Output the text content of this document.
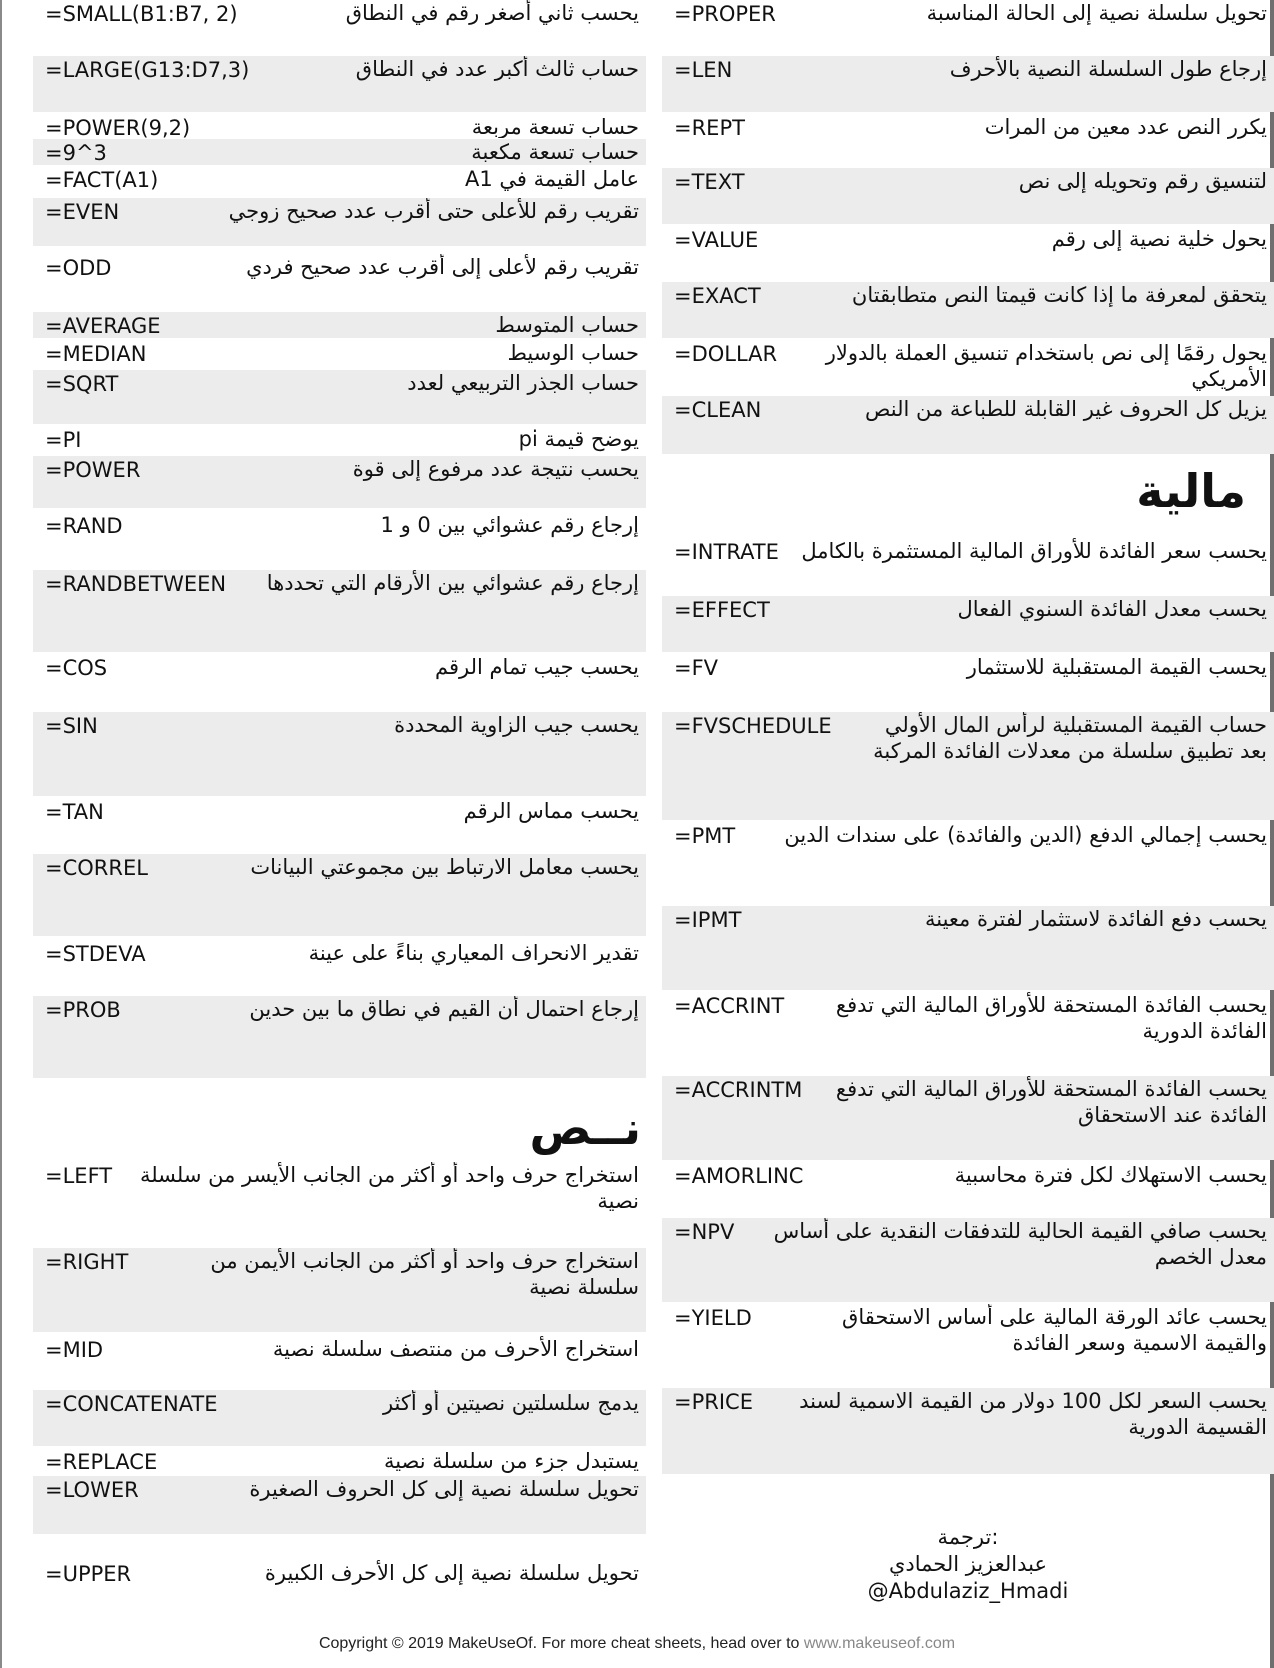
=SMALL(B1:B7, 2)	يحسب ثاني أصغر رقم في النطاق
=LARGE(G13:D7,3)	حساب ثالث أكبر عدد في النطاق
=POWER(9,2)	حساب تسعة مربعة
=9^3	حساب تسعة مكعبة
=FACT(A1)	عامل القيمة في A1
=EVEN	تقريب رقم للأعلى حتى أقرب عدد صحيح زوجي
=ODD	تقريب رقم لأعلى إلى أقرب عدد صحيح فردي
=AVERAGE	حساب المتوسط
=MEDIAN	حساب الوسيط
=SQRT	حساب الجذر التربيعي لعدد
=PI	يوضح قيمة pi
=POWER	يحسب نتيجة عدد مرفوع إلى قوة
=RAND	إرجاع رقم عشوائي بين 0 و 1
=RANDBETWEEN إرجاع رقم عشوائي بين الأرقام التي تحددها
=COS	يحسب جيب تمام الرقم
=SIN	يحسب جيب الزاوية المحددة
=TAN	يحسب مماس الرقم
=CORREL	يحسب معامل الارتباط بين مجموعتي البيانات
=STDEVA	تقدير الانحراف المعياري بناءً على عينة
=PROB	إرجاع احتمال أن القيم في نطاق ما بين حدين
=LEFT	استخراج حرف واحد أو أكثر من الجانب الأيسر من سلسلة نصية
=RIGHT	استخراج حرف واحد أو أكثر من الجانب الأيمن من سلسلة نصية
=MID	استخراج الأحرف من منتصف سلسلة نصية
=CONCATENATE	يدمج سلسلتين نصيتين أو أكثر
=REPLACE	يستبدل جزء من سلسلة نصية
=LOWER	تحويل سلسلة نصية إلى كل الحروف الصغيرة
=UPPER	تحويل سلسلة نصية إلى كل الأحرف الكبيرة
=PROPER	تحويل سلسلة نصية إلى الحالة المناسبة
=LEN	إرجاع طول السلسلة النصية بالأحرف
=REPT	يكرر النص عدد معين من المرات
=TEXT	لتنسيق رقم وتحويله إلى نص
=VALUE	يحول خلية نصية إلى رقم
=EXACT	يتحقق لمعرفة ما إذا كانت قيمتا النص متطابقتان
=DOLLAR	يحول رقمًا إلى نص باستخدام تنسيق العملة بالدولار الأمريكي
=CLEAN	يزيل كل الحروف غير القابلة للطباعة من النص
=INTRATE يحسب سعر الفائدة للأوراق المالية المستثمرة بالكامل
=EFFECT	يحسب معدل الفائدة السنوي الفعال
=FV	يحسب القيمة المستقبلية للاستثمار
=FVSCHEDULE	حساب القيمة المستقبلية لرأس المال الأولي بعد تطبيق سلسلة من معدلات الفائدة المركبة
=PMT يحسب إجمالي الدفع (الدين والفائدة) على سندات الدين
=IPMT	يحسب دفع الفائدة لاستثمار لفترة معينة
=ACCRINT	يحسب الفائدة المستحقة للأوراق المالية التي تدفع الفائدة الدورية
=ACCRINTM	يحسب الفائدة المستحقة للأوراق المالية التي تدفع الفائدة عند الاستحقاق
=AMORLINC	يحسب الاستهلاك لكل فترة محاسبية
=NPV	يحسب صافي القيمة الحالية للتدفقات النقدية على أساس معدل الخصم
=YIELD	يحسب عائد الورقة المالية على أساس الاستحقاق والقيمة الاسمية وسعر الفائدة
=PRICE	يحسب السعر لكل 100 دولار من القيمة الاسمية لسند القسيمة الدورية
نــص
مالية
ترجمة:
عبدالعزيز الحمادي
@Abdulaziz_Hmadi
Copyright © 2019 MakeUseOf. For more cheat sheets, head over to www.makeuseof.com
